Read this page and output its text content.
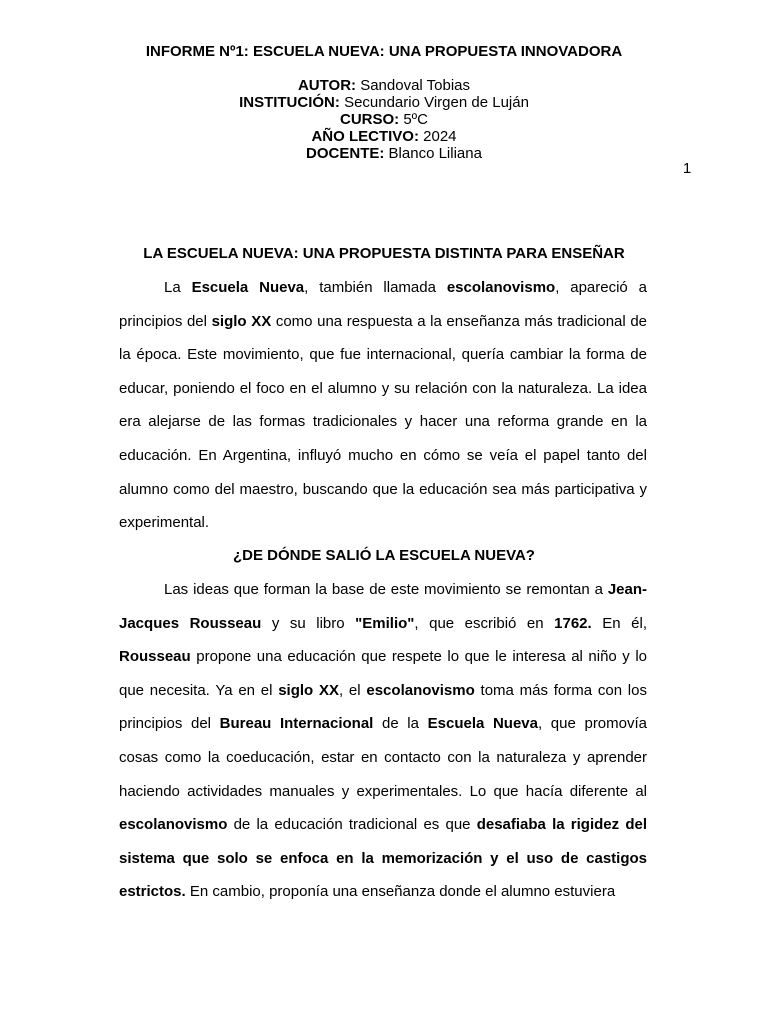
INFORME Nº1: ESCUELA NUEVA: UNA PROPUESTA INNOVADORA
AUTOR: Sandoval Tobias
INSTITUCIÓN: Secundario Virgen de Luján
CURSO: 5ºC
AÑO LECTIVO: 2024
DOCENTE: Blanco Liliana
1
LA ESCUELA NUEVA: UNA PROPUESTA DISTINTA PARA ENSEÑAR

La Escuela Nueva, también llamada escolanovismo, apareció a principios del siglo XX como una respuesta a la enseñanza más tradicional de la época. Este movimiento, que fue internacional, quería cambiar la forma de educar, poniendo el foco en el alumno y su relación con la naturaleza. La idea era alejarse de las formas tradicionales y hacer una reforma grande en la educación. En Argentina, influyó mucho en cómo se veía el papel tanto del alumno como del maestro, buscando que la educación sea más participativa y experimental.

¿DE DÓNDE SALIÓ LA ESCUELA NUEVA?

Las ideas que forman la base de este movimiento se remontan a Jean-Jacques Rousseau y su libro "Emilio", que escribió en 1762. En él, Rousseau propone una educación que respete lo que le interesa al niño y lo que necesita. Ya en el siglo XX, el escolanovismo toma más forma con los principios del Bureau Internacional de la Escuela Nueva, que promovía cosas como la coeducación, estar en contacto con la naturaleza y aprender haciendo actividades manuales y experimentales. Lo que hacía diferente al escolanovismo de la educación tradicional es que desafiaba la rigidez del sistema que solo se enfoca en la memorización y el uso de castigos estrictos. En cambio, proponía una enseñanza donde el alumno estuviera
